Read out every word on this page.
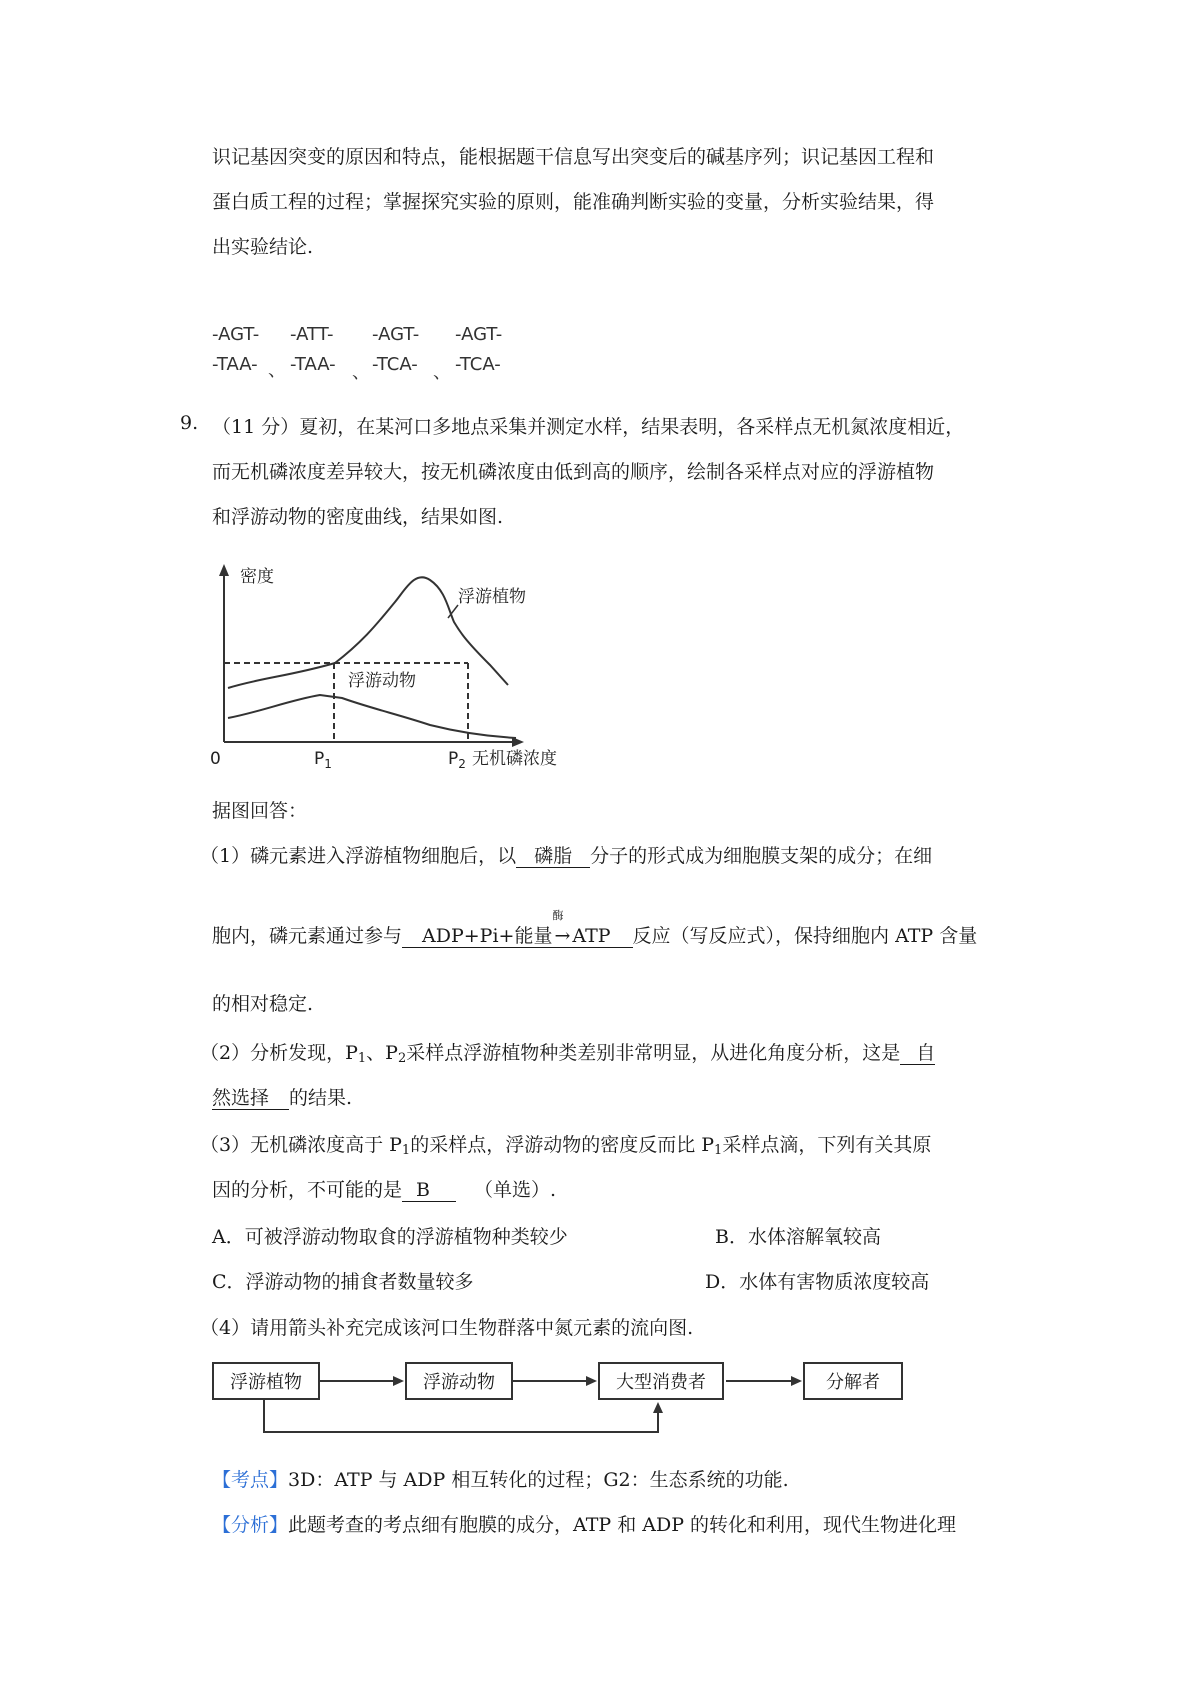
识记基因突变的原因和特点，能根据题干信息写出突变后的碱基序列；识记基因工程和
蛋白质工程的过程；掌握探究实验的原则，能准确判断实验的变量，分析实验结果，得
出实验结论.
-AGT-
-TAA- 、
-ATT-
-TAA- 、
-AGT-
-TCA- 、
-AGT-
-TCA-
9. （11 分）夏初，在某河口多地点采集并测定水样，结果表明，各采样点无机氮浓度相近，
而无机磷浓度差异较大，按无机磷浓度由低到高的顺序，绘制各采样点对应的浮游植物
和浮游动物的密度曲线，结果如图.
密度
0
浮游植物
浮游动物
$P_1$	$P_2$ 无机磷浓度
据图回答：
（1）磷元素进入浮游植物细胞后，以 磷脂 分子的形式成为细胞膜支架的成分；在细
胞内，磷元素通过参与 ADP+Pi+能量 →
酶
ATP 反应（写反应式），保持细胞内 ATP 含量
的相对稳定.
（2）分析发现，$P_1$、$P_2$采样点浮游植物种类差别非常明显，从进化角度分析，这是 自
然选择 的结果.
（3）无机磷浓度高于 $P_1$的采样点，浮游动物的密度反而比 $P_1$采样点滴，下列有关其原
因的分析，不可能的是 B （单选）.
A．可被浮游动物取食的浮游植物种类较少	B．水体溶解氧较高
C．浮游动物的捕食者数量较多	D．水体有害物质浓度较高
（4）请用箭头补充完成该河口生物群落中氮元素的流向图.
浮游植物	浮游动物	大型消费者	分解者
【考点】3D：ATP 与 ADP 相互转化的过程；G2：生态系统的功能.
【分析】此题考查的考点细有胞膜的成分，ATP 和 ADP 的转化和利用，现代生物进化理
